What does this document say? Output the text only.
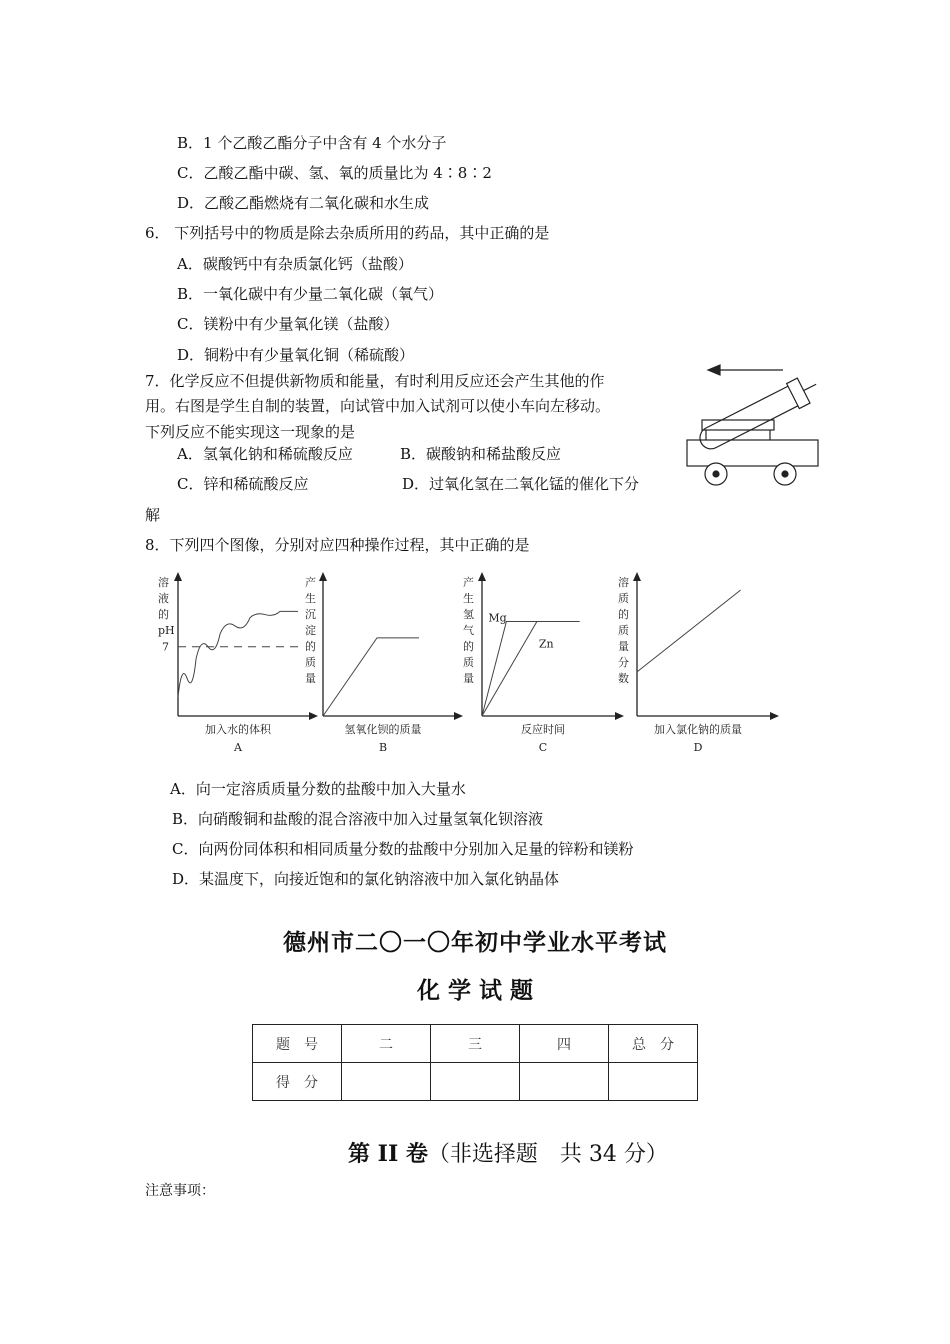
B．1 个乙酸乙酯分子中含有 4 个水分子
C．乙酸乙酯中碳、氢、氧的质量比为 4∶8∶2
D．乙酸乙酯燃烧有二氧化碳和水生成
6． 下列括号中的物质是除去杂质所用的药品，其中正确的是
A．碳酸钙中有杂质氯化钙（盐酸）
B．一氧化碳中有少量二氧化碳（氧气）
C．镁粉中有少量氧化镁（盐酸）
D．铜粉中有少量氧化铜（稀硫酸）
7．化学反应不但提供新物质和能量，有时利用反应还会产生其他的作
用。右图是学生自制的装置，向试管中加入试剂可以使小车向左移动。
下列反应不能实现这一现象的是
A．氢氧化钠和稀硫酸反应	B．碳酸钠和稀盐酸反应
C．锌和稀硫酸反应	D．过氧化氢在二氧化锰的催化下分
解
8．下列四个图像，分别对应四种操作过程，其中正确的是
溶
液
的
pH
加入水的体积
A
7
产
生
沉
淀
的
质
量
氢氧化钡的质量
B
产
生
氢
气
的
质
量
反应时间
C
Mg
Zn
溶
质
的
质
量
分
数
加入氯化钠的质量
D
A．向一定溶质质量分数的盐酸中加入大量水
B．向硝酸铜和盐酸的混合溶液中加入过量氢氧化钡溶液
C．向两份同体积和相同质量分数的盐酸中分别加入足量的锌粉和镁粉
D．某温度下，向接近饱和的氯化钠溶液中加入氯化钠晶体
德州市二〇一〇年初中学业水平考试
化 学 试 题
题　号	二	三	四	总　分
得　分				
第 II 卷（非选择题　共 34 分）
注意事项：
